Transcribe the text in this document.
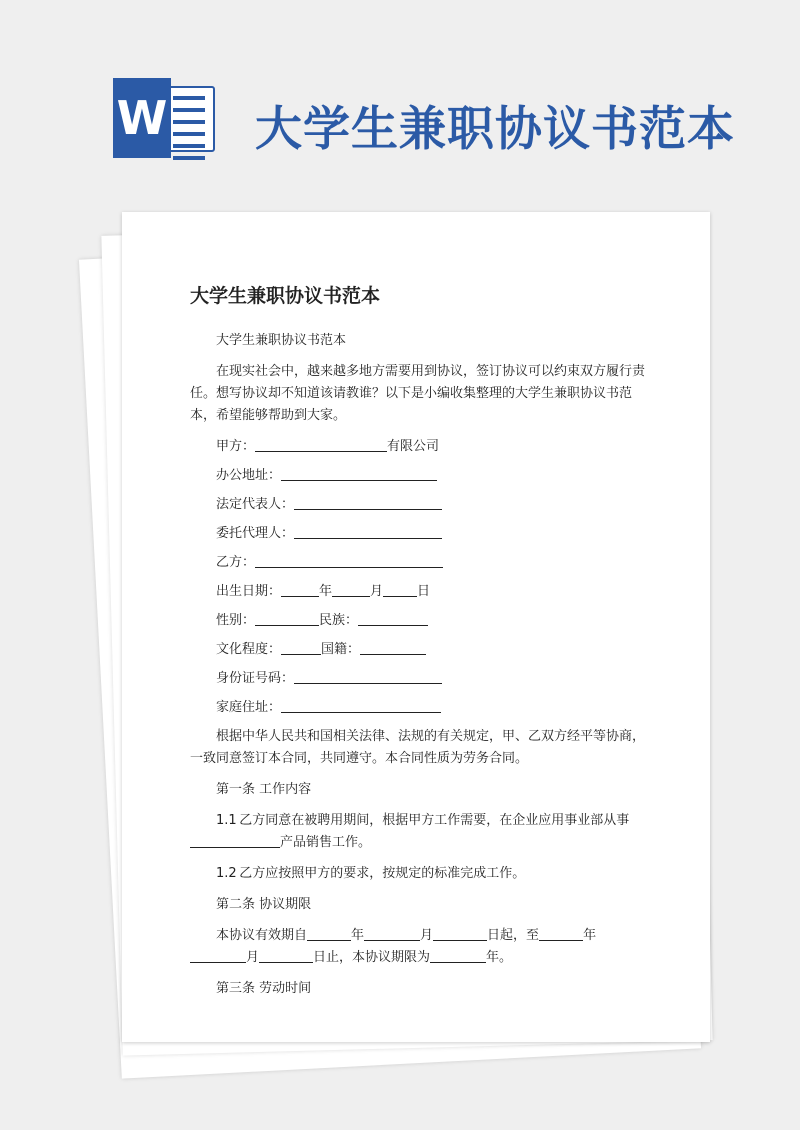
W 大学生兼职协议书范本
大学生兼职协议书范本

大学生兼职协议书范本

在现实社会中，越来越多地方需要用到协议，签订协议可以约束双方履行责任。想写协议却不知道该请教谁？以下是小编收集整理的大学生兼职协议书范本，希望能够帮助到大家。

甲方：	有限公司
办公地址：
法定代表人：
委托代理人：
乙方：
出生日期：	年	月	日
性别：	民族：
文化程度：	国籍：
身份证号码：
家庭住址：

根据中华人民共和国相关法律、法规的有关规定，甲、乙双方经平等协商，一致同意签订本合同，共同遵守。本合同性质为劳务合同。

第一条 工作内容

1.1  乙方同意在被聘用期间，根据甲方工作需要，在企业应用事业部从事产品销售工作。

1.2  乙方应按照甲方的要求，按规定的标准完成工作。

第二条 协议期限

本协议有效期自	年	月	日起，至	年月	日止，本协议期限为	年。

第三条 劳动时间
